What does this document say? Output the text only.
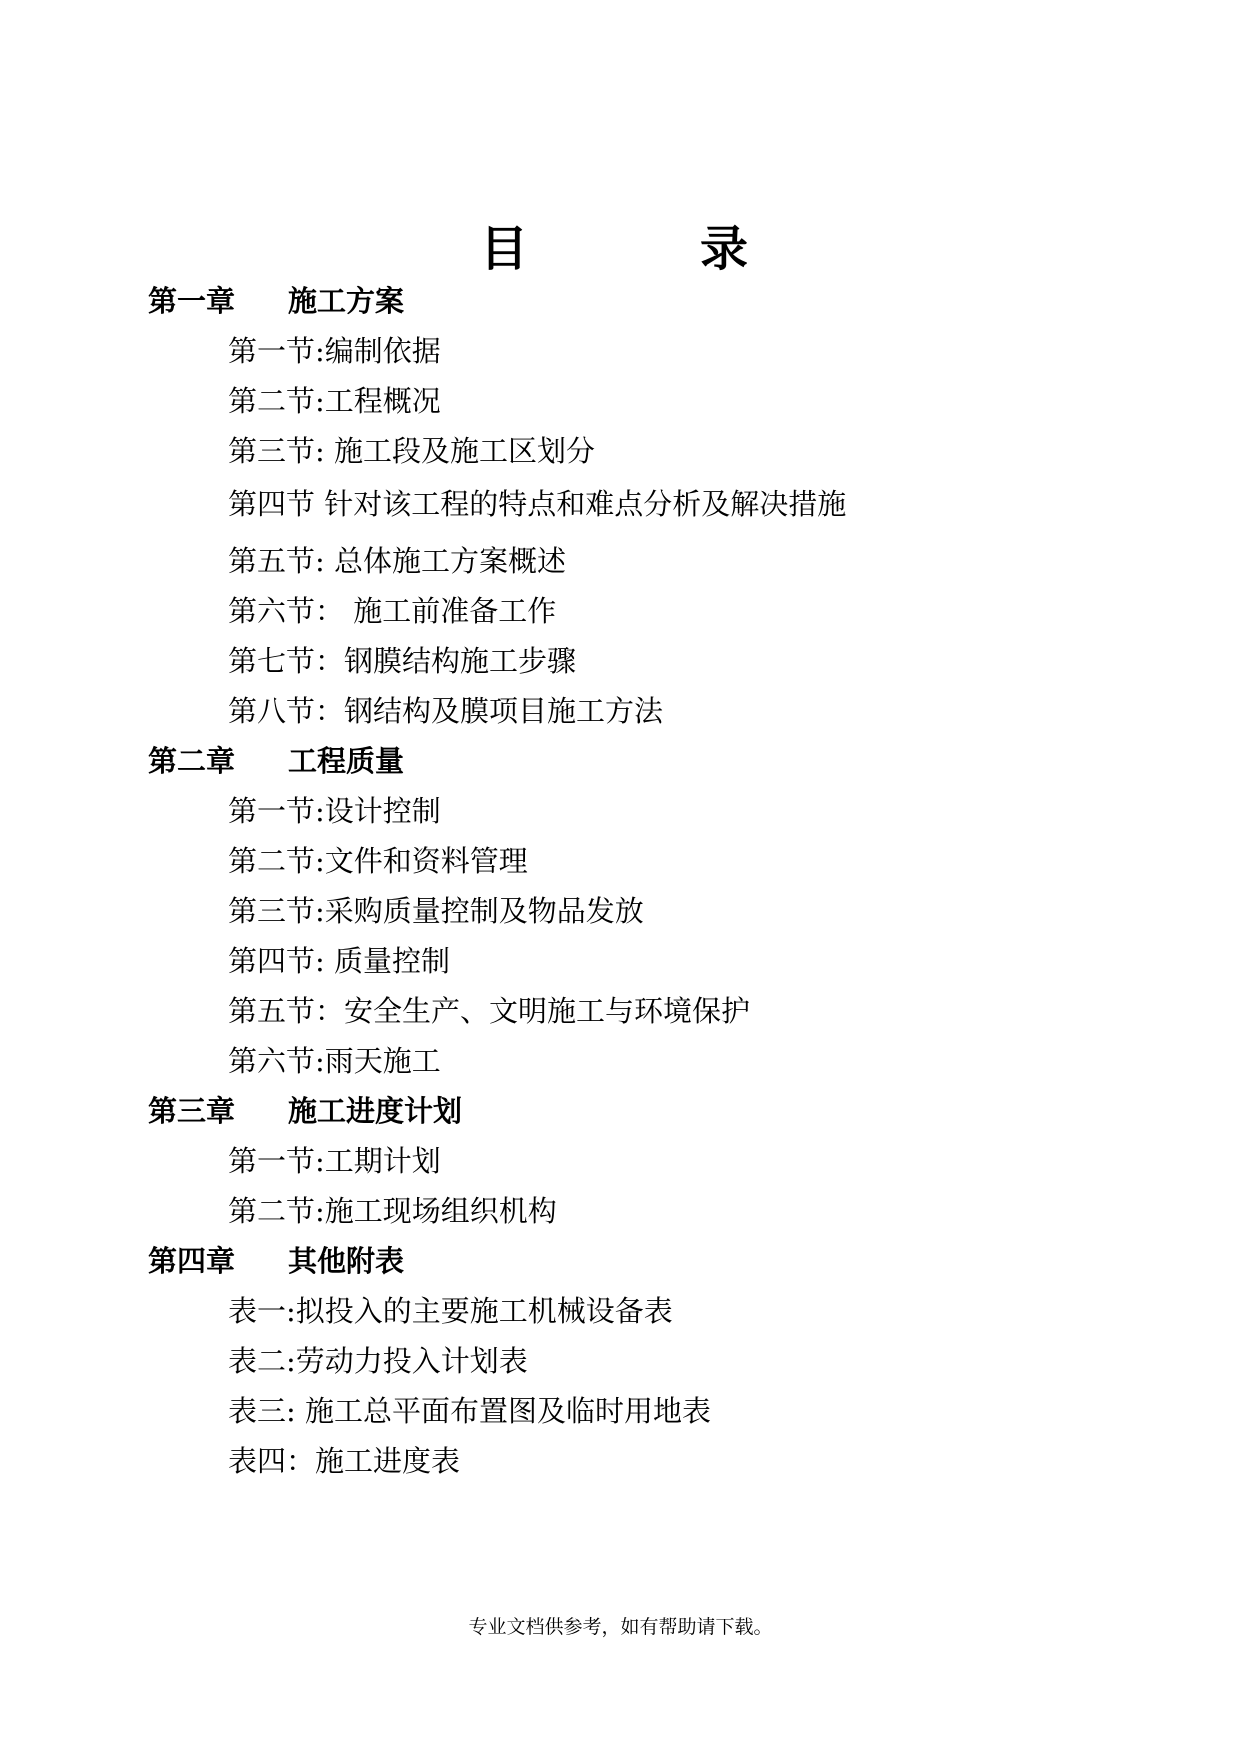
目	录
第一章 施工方案
第一节:编制依据
第二节:工程概况
第三节: 施工段及施工区划分
第四节 针对该工程的特点和难点分析及解决措施
第五节: 总体施工方案概述
第六节： 施工前准备工作
第七节：钢膜结构施工步骤
第八节：钢结构及膜项目施工方法
第二章 工程质量
第一节:设计控制
第二节:文件和资料管理
第三节:采购质量控制及物品发放
第四节: 质量控制
第五节：安全生产、文明施工与环境保护
第六节:雨天施工
第三章 施工进度计划
第一节:工期计划
第二节:施工现场组织机构
第四章 其他附表
表一:拟投入的主要施工机械设备表
表二:劳动力投入计划表
表三: 施工总平面布置图及临时用地表
表四：施工进度表
专业文档供参考，如有帮助请下载。
